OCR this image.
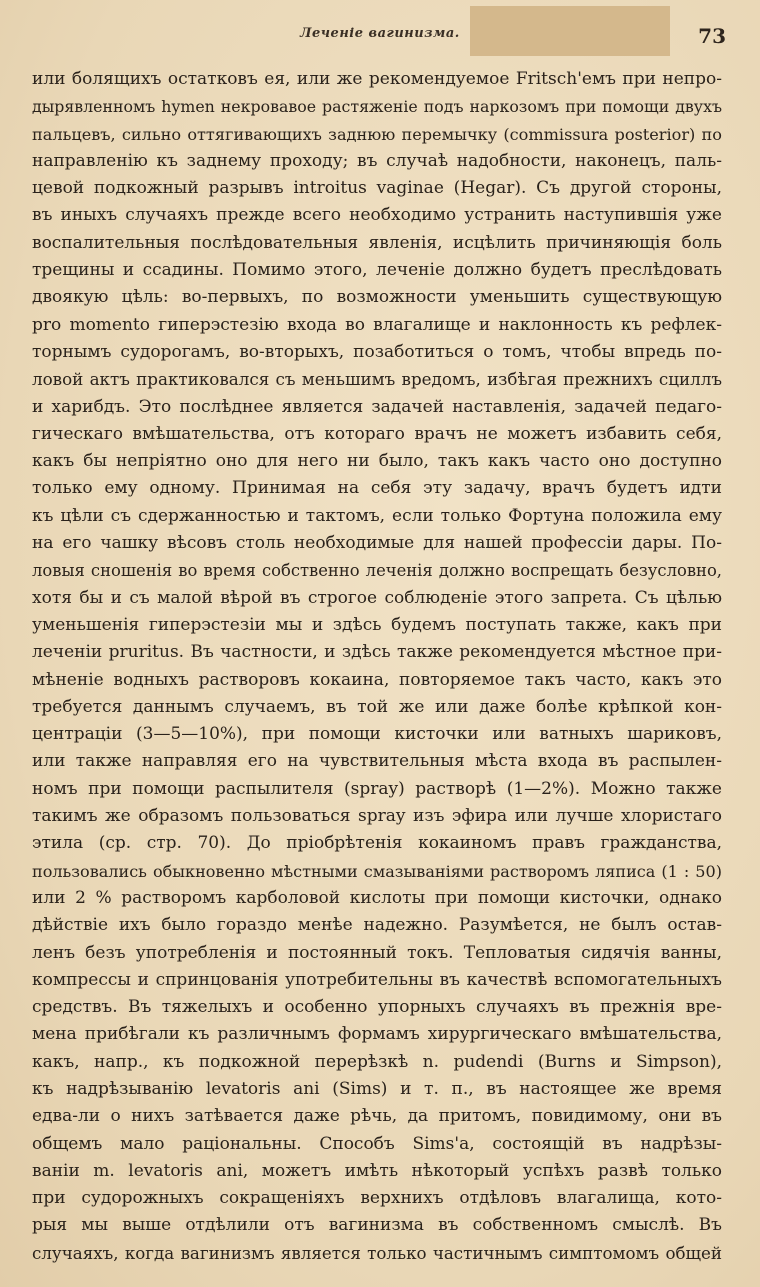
Леченіе вагинизма.	73
или болящихъ остатковъ ея, или же рекомендуемое Fritsch'емъ при непро-
дырявленномъ hymen некровавое растяженіе подъ наркозомъ при помощи двухъ
пальцевъ, сильно оттягивающихъ заднюю перемычку (commissura posterior) по
направленію къ заднему проходу; въ случаѣ надобности, наконецъ, паль-
цевой подкожный разрывъ introitus vaginae (Hegar). Съ другой стороны,
въ иныхъ случаяхъ прежде всего необходимо устранить наступившія уже
воспалительныя послѣдовательныя явленія, исцѣлить причиняющія боль
трещины и ссадины. Помимо этого, леченіе должно будетъ преслѣдовать
двоякую цѣль: во-первыхъ, по возможности уменьшить существующую
pro momento гиперэстезію входа во влагалище и наклонность къ рефлек-
торнымъ судорогамъ, во-вторыхъ, позаботиться о томъ, чтобы впредь по-
ловой актъ практиковался съ меньшимъ вредомъ, избѣгая прежнихъ сциллъ
и харибдъ. Это послѣднее является задачей наставленія, задачей педаго-
гическаго вмѣшательства, отъ котораго врачъ не можетъ избавить себя,
какъ бы непріятно оно для него ни было, такъ какъ часто оно доступно
только ему одному. Принимая на себя эту задачу, врачъ будетъ идти
къ цѣли съ сдержанностью и тактомъ, если только Фортуна положила ему
на его чашку вѣсовъ столь необходимые для нашей профессіи дары. По-
ловыя сношенія во время собственно леченія должно воспрещать безусловно,
хотя бы и съ малой вѣрой въ строгое соблюденіе этого запрета. Съ цѣлью
уменьшенія гиперэстезіи мы и здѣсь будемъ поступать также, какъ при
леченіи pruritus. Въ частности, и здѣсь также рекомендуется мѣстное при-
мѣненіе водныхъ растворовъ кокаина, повторяемое такъ часто, какъ это
требуется даннымъ случаемъ, въ той же или даже болѣе крѣпкой кон-
центраціи (3—5—10%), при помощи кисточки или ватныхъ шариковъ,
или также направляя его на чувствительныя мѣста входа въ распылен-
номъ при помощи распылителя (spray) растворѣ (1—2%). Можно также
такимъ же образомъ пользоваться spray изъ эфира или лучше хлористаго
этила (ср. стр. 70). До пріобрѣтенія кокаиномъ правъ гражданства,
пользовались обыкновенно мѣстными смазываніями растворомъ ляписа (1 : 50)
или 2 % растворомъ карболовой кислоты при помощи кисточки, однако
дѣйствіе ихъ было гораздо менѣе надежно. Разумѣется, не былъ остав-
ленъ безъ употребленія и постоянный токъ. Тепловатыя сидячія ванны,
компрессы и спринцованія употребительны въ качествѣ вспомогательныхъ
средствъ. Въ тяжелыхъ и особенно упорныхъ случаяхъ въ прежнія вре-
мена прибѣгали къ различнымъ формамъ хирургическаго вмѣшательства,
какъ, напр., къ подкожной перерѣзкѣ n. pudendi (Burns и Simpson),
къ надрѣзыванію levatoris ani (Sims) и т. п., въ настоящее же время
едва-ли о нихъ затѣвается даже рѣчь, да притомъ, повидимому, они въ
общемъ мало раціональны. Способъ Sims'а, состоящій въ надрѣзы-
ваніи m. levatoris ani, можетъ имѣть нѣкоторый успѣхъ развѣ только
при судорожныхъ сокращеніяхъ верхнихъ отдѣловъ влагалища, кото-
рыя мы выше отдѣлили отъ вагинизма въ собственномъ смыслѣ. Въ
случаяхъ, когда вагинизмъ является только частичнымъ симптомомъ общей
